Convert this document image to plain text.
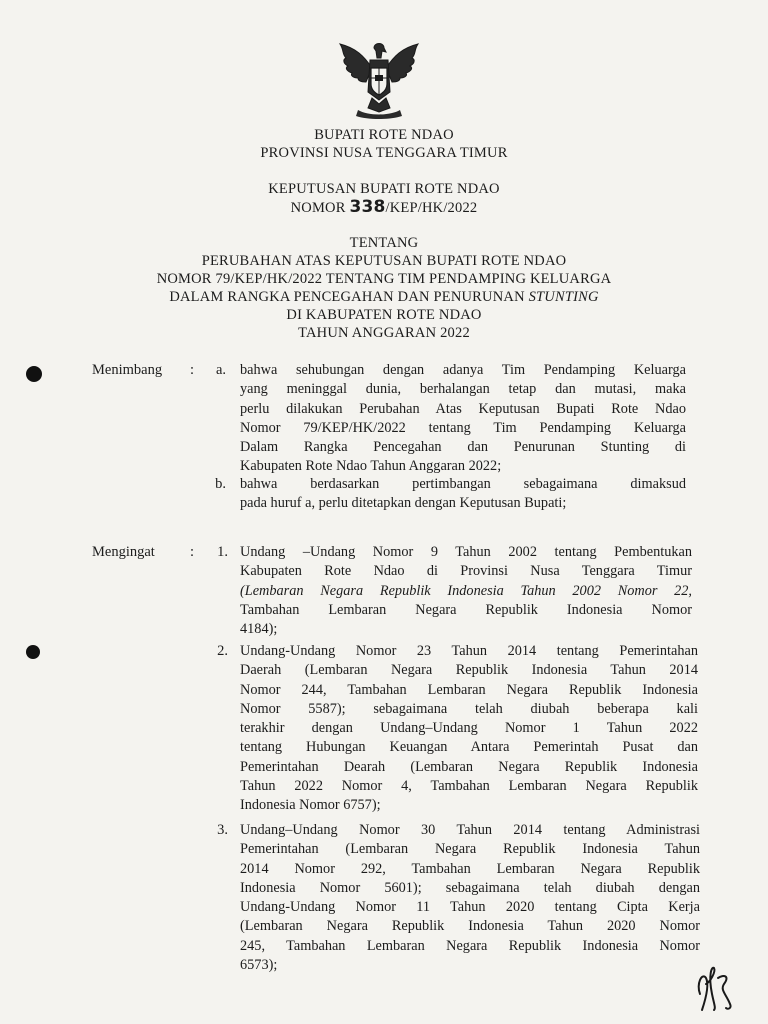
BUPATI ROTE NDAO
PROVINSI NUSA TENGGARA TIMUR
KEPUTUSAN BUPATI ROTE NDAO
NOMOR 338/KEP/HK/2022
TENTANG
PERUBAHAN ATAS KEPUTUSAN BUPATI ROTE NDAO
NOMOR 79/KEP/HK/2022 TENTANG TIM PENDAMPING KELUARGA
DALAM RANGKA PENCEGAHAN DAN PENURUNAN STUNTING
DI KABUPATEN ROTE NDAO
TAHUN ANGGARAN 2022
Menimbang :	a. bahwa sehubungan dengan adanya Tim Pendamping Keluarga
yang meninggal dunia, berhalangan tetap dan mutasi, maka
perlu dilakukan Perubahan Atas Keputusan Bupati Rote Ndao
Nomor 79/KEP/HK/2022 tentang Tim Pendamping Keluarga
Dalam Rangka Pencegahan dan Penurunan Stunting di
Kabupaten Rote Ndao Tahun Anggaran 2022;
b. bahwa berdasarkan pertimbangan sebagaimana dimaksud
pada huruf a, perlu ditetapkan dengan Keputusan Bupati;
Mengingat :	1. Undang –Undang Nomor 9 Tahun 2002 tentang Pembentukan
Kabupaten Rote Ndao di Provinsi Nusa Tenggara Timur
(Lembaran Negara Republik Indonesia Tahun 2002 Nomor 22,
Tambahan Lembaran Negara Republik Indonesia Nomor
4184);
2. Undang-Undang Nomor 23 Tahun 2014 tentang Pemerintahan
Daerah (Lembaran Negara Republik Indonesia Tahun 2014
Nomor 244, Tambahan Lembaran Negara Republik Indonesia
Nomor 5587); sebagaimana telah diubah beberapa kali
terakhir dengan Undang–Undang Nomor 1 Tahun 2022
tentang Hubungan Keuangan Antara Pemerintah Pusat dan
Pemerintahan Dearah (Lembaran Negara Republik Indonesia
Tahun 2022 Nomor 4, Tambahan Lembaran Negara Republik
Indonesia Nomor 6757);
3. Undang–Undang Nomor 30 Tahun 2014 tentang Administrasi
Pemerintahan (Lembaran Negara Republik Indonesia Tahun
2014 Nomor 292, Tambahan Lembaran Negara Republik
Indonesia Nomor 5601); sebagaimana telah diubah dengan
Undang-Undang Nomor 11 Tahun 2020 tentang Cipta Kerja
(Lembaran Negara Republik Indonesia Tahun 2020 Nomor
245, Tambahan Lembaran Negara Republik Indonesia Nomor
6573);
